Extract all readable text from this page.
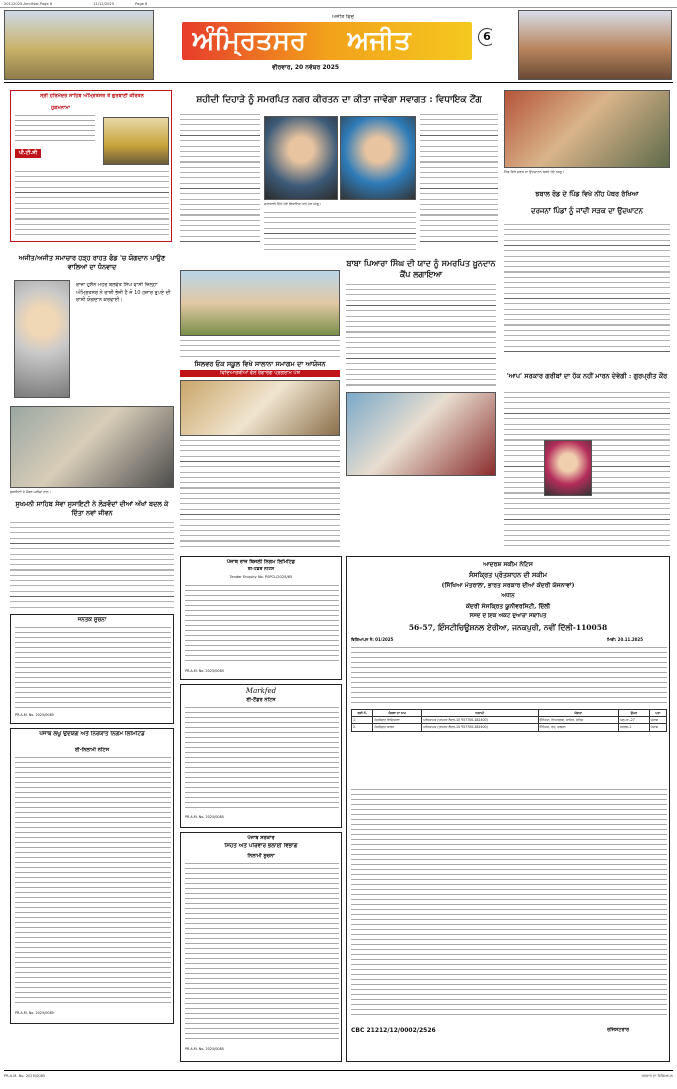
20112025-Amritsar-Page 6	11/11/2025	Page 6
ਅਜੀਤ ਵਿਚ
ਅੰਮ੍ਰਿਤਸਰ	ਅਜੀਤ
ਵੀਰਵਾਰ, 20 ਨਵੰਬਰ 2025
6
ਸ੍ਰੀ ਹਰਿਮੰਦਰ ਸਾਹਿਬ ਅੰਮ੍ਰਿਤਸਰ ਤੋਂ ਗੁਰਬਾਣੀ ਕੀਰਤਨ
ਹੁਕਮਨਾਮਾ
ਪੀ.ਟੀ.ਸੀ
ਸ਼ਹੀਦੀ ਦਿਹਾੜੇ ਨੂੰ ਸਮਰਪਿਤ ਨਗਰ ਕੀਰਤਨ ਦਾ ਕੀਤਾ ਜਾਵੇਗਾ ਸਵਾਗਤ : ਵਿਧਾਇਕ ਟੌਂਗ
ਜਾਣਕਾਰੀ ਦਿੰਦੇ ਹੋਏ ਵਿਧਾਇਕ ਅਤੇ ਹੋਰ ਆਗੂ।
ਪਿੰਡ ਵਿਖੇ ਸੜਕ ਦਾ ਉਦਘਾਟਨ ਕਰਦੇ ਹੋਏ ਆਗੂ।
ਝਬਾਲ ਰੋਡ ਦੇ ਪਿੰਡ ਵਿਖੇ ਨੀਂਹ ਪੱਥਰ ਰੱਖਿਆ
ਦਰਜਨਾਂ ਪਿੰਡਾਂ ਨੂੰ ਜਾਂਦੀ ਸੜਕ ਦਾ ਉਦਘਾਟਨ
ਅਜੀਤ/ਅਜੀਤ ਸਮਾਚਾਰ ਹੜ੍ਹ ਰਾਹਤ ਫੰਡ 'ਚ ਯੋਗਦਾਨ ਪਾਉਣ ਵਾਲਿਆਂ ਦਾ ਧੰਨਵਾਦ
ਰਾਜ਼ਾ ਹੁਸੈਨ ਮੋਹਰ ਬਲਵੰਤ ਸਿੰਘ ਵਾਸੀ ਜ਼ਿਲ੍ਹਾ ਅੰਮ੍ਰਿਤਸਰ ਨੇ ਰਾਸ਼ੀ ਭੇਜੀ ਹੈ ਜੋ 10 ਹਜ਼ਾਰ ਰੁਪਏ ਦੀ ਰਾਸ਼ੀ ਯੋਗਦਾਨ ਕਰਵਾਈ।
ਬਾਬਾ ਪਿਆਰਾ ਸਿੰਘ ਦੀ ਯਾਦ ਨੂੰ ਸਮਰਪਿਤ ਖ਼ੂਨਦਾਨ ਕੈਂਪ ਲਗਾਇਆ
ਸਿਲਵਰ ਓਕ ਸਕੂਲ ਵਿਖੇ ਸਾਲਾਨਾ ਸਮਾਗਮ ਦਾ ਆਯੋਜਨ
ਵਿਦਿਆਰਥੀਆਂ ਵੱਲੋਂ ਰੰਗਾਰੰਗ ਪ੍ਰੋਗਰਾਮ ਪੇਸ਼	'ਆਪ' ਸਰਕਾਰ ਗਰੀਬਾਂ ਦਾ ਹੱਕ ਨਹੀਂ ਮਾਰਨ ਦੇਵੇਗੀ : ਗੁਰਪ੍ਰੀਤ ਕੌਰ
ਸੁਸਾਇਟੀ ਦੇ ਮੈਂਬਰ ਮਰੀਜ਼ਾਂ ਨਾਲ।
ਸੁਖਮਨੀ ਸਾਹਿਬ ਸੇਵਾ ਸੁਸਾਇਟੀ ਨੇ ਲੋੜਵੰਦਾਂ ਦੀਆਂ ਅੱਖਾਂ ਬਦਲ ਕੇ ਦਿੱਤਾ ਨਵਾਂ ਜੀਵਨ
ਪੰਜਾਬ ਰਾਜ ਬਿਜਲੀ ਨਿਗਮ ਲਿਮਿਟਿਡ
ਈ-ਟੈਂਡਰ ਨੋਟਿਸ
Tender Enquiry No. PSPCL/2025/65
PR.A.M. No. 2025/0085
ਜਨਤਕ ਸੂਚਨਾ
PR.A.M. No. 2025/0085
Markfed
ਈ-ਟੈਂਡਰ ਨੋਟਿਸ
PR.A.M. No. 2025/0085
ਪੰਜਾਬ ਲਘੂ ਉਦਯੋਗ ਅਤੇ ਨਿਰਯਾਤ ਨਿਗਮ ਲਿਮਿਟਿਡ
ਈ-ਨਿਲਾਮੀ ਨੋਟਿਸ
PR.A.M. No. 2025/0085
ਪੰਜਾਬ ਸਰਕਾਰ
ਸਿਹਤ ਅਤੇ ਪਰਿਵਾਰ ਭਲਾਈ ਵਿਭਾਗ
ਨਿਲਾਮੀ ਸੂਚਨਾ
PR.A.M. No. 2025/0085
ਆਦਰਸ਼ ਸਕੀਮ ਨੋਟਿਸ
ਸੰਸਕ੍ਰਿਤ ਪ੍ਰੋਤਸ਼ਾਹਨ ਦੀ ਸਕੀਮ
(ਸਿੱਖਿਆ ਮੰਤਰਾਲਾ, ਭਾਰਤ ਸਰਕਾਰ ਦੀਆਂ ਕੇਂਦਰੀ ਯੋਜਨਾਵਾਂ)
ਅਧੀਨ
ਕੇਂਦਰੀ ਸੰਸਕ੍ਰਿਤ ਯੂਨੀਵਰਸਿਟੀ, ਦਿੱਲੀ
ਸੰਸਦ ਦੇ ਇਕ ਐਕਟ ਦੁਆਰਾ ਸਥਾਪਿਤ
56-57, ਇੰਸਟੀਚਿਊਸ਼ਨਲ ਏਰੀਆ, ਜਨਕਪੁਰੀ, ਨਵੀਂ ਦਿੱਲੀ-110058
ਵਿਗਿਆਪਨ ਨੰ: 01/2025	ਮਿਤੀ: 20.11.2025
ਲੜੀ ਨੰ.	ਸੰਸਥਾ ਦਾ ਨਾਮ	ਅਸਾਮੀ	ਯੋਗਤਾ	ਉਮਰ	ਪਤਾ
1.	ਸੰਸਕ੍ਰਿਤ ਵਿਦਿਆਲਾ	ਅਧਿਆਪਕ (ਤਨਖ਼ਾਹ ਲੈਵਲ-10 ₹57700-182400)	ਸਿੱਖਿਆ, ਵਿਆਕਰਣ, ਸਾਹਿਤ, ਜੋਤਿਸ਼	ਅਨੁ.ਜਾ.-27	ਪੰਜਾਬ
2.	ਸੰਸਕ੍ਰਿਤ ਕਾਲਜ	ਅਧਿਆਪਕ (ਤਨਖ਼ਾਹ ਲੈਵਲ-10 ₹57700-182400)	ਸਿੱਖਿਆ, ਵੇਦ, ਦਰਸ਼ਨ	ਜਨਰਲ-1	ਪੰਜਾਬ
CBC 21212/12/0002/2526	ਰਜਿਸਟਰਾਰ
PR.A.M. No. 2025/0085	ਸਰਕਾਰ ਦਾ ਵਿਗਿਆਪਨ
